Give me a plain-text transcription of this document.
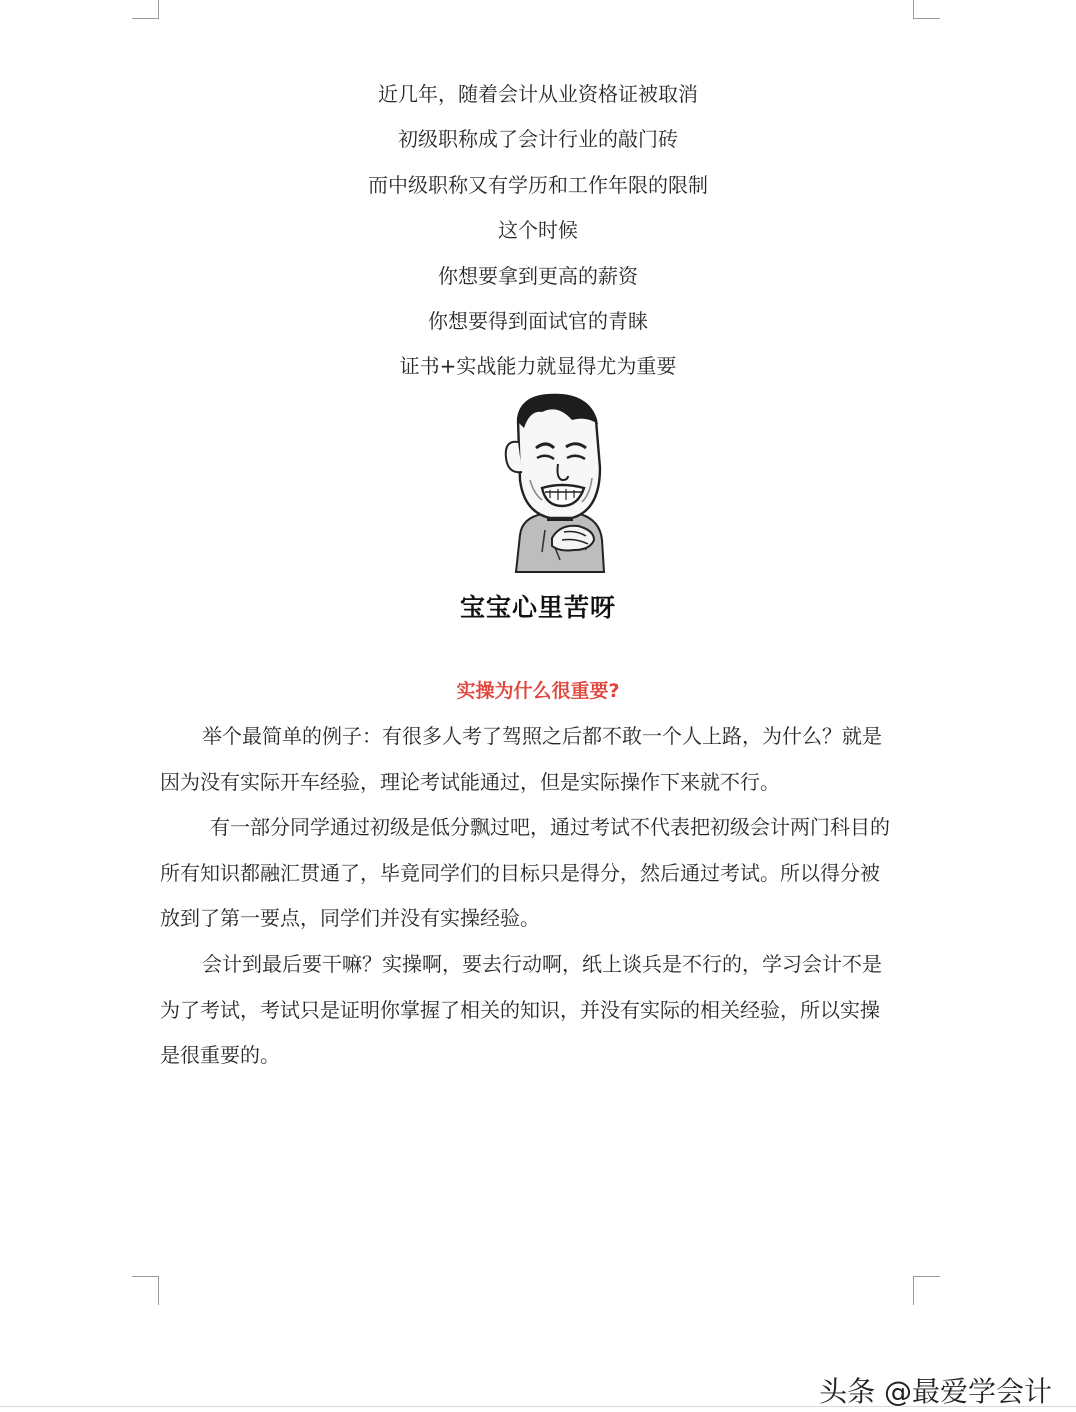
近几年，随着会计从业资格证被取消
初级职称成了会计行业的敲门砖
而中级职称又有学历和工作年限的限制
这个时候
你想要拿到更高的薪资
你想要得到面试官的青睐
证书+实战能力就显得尤为重要
宝宝心里苦呀
实操为什么很重要?
举个最简单的例子：有很多人考了驾照之后都不敢一个人上路，为什么？就是
因为没有实际开车经验，理论考试能通过，但是实际操作下来就不行。
有一部分同学通过初级是低分飘过吧，通过考试不代表把初级会计两门科目的
所有知识都融汇贯通了，毕竟同学们的目标只是得分，然后通过考试。所以得分被
放到了第一要点，同学们并没有实操经验。
会计到最后要干嘛？实操啊，要去行动啊，纸上谈兵是不行的，学习会计不是
为了考试，考试只是证明你掌握了相关的知识，并没有实际的相关经验，所以实操
是很重要的。
头条 @最爱学会计
